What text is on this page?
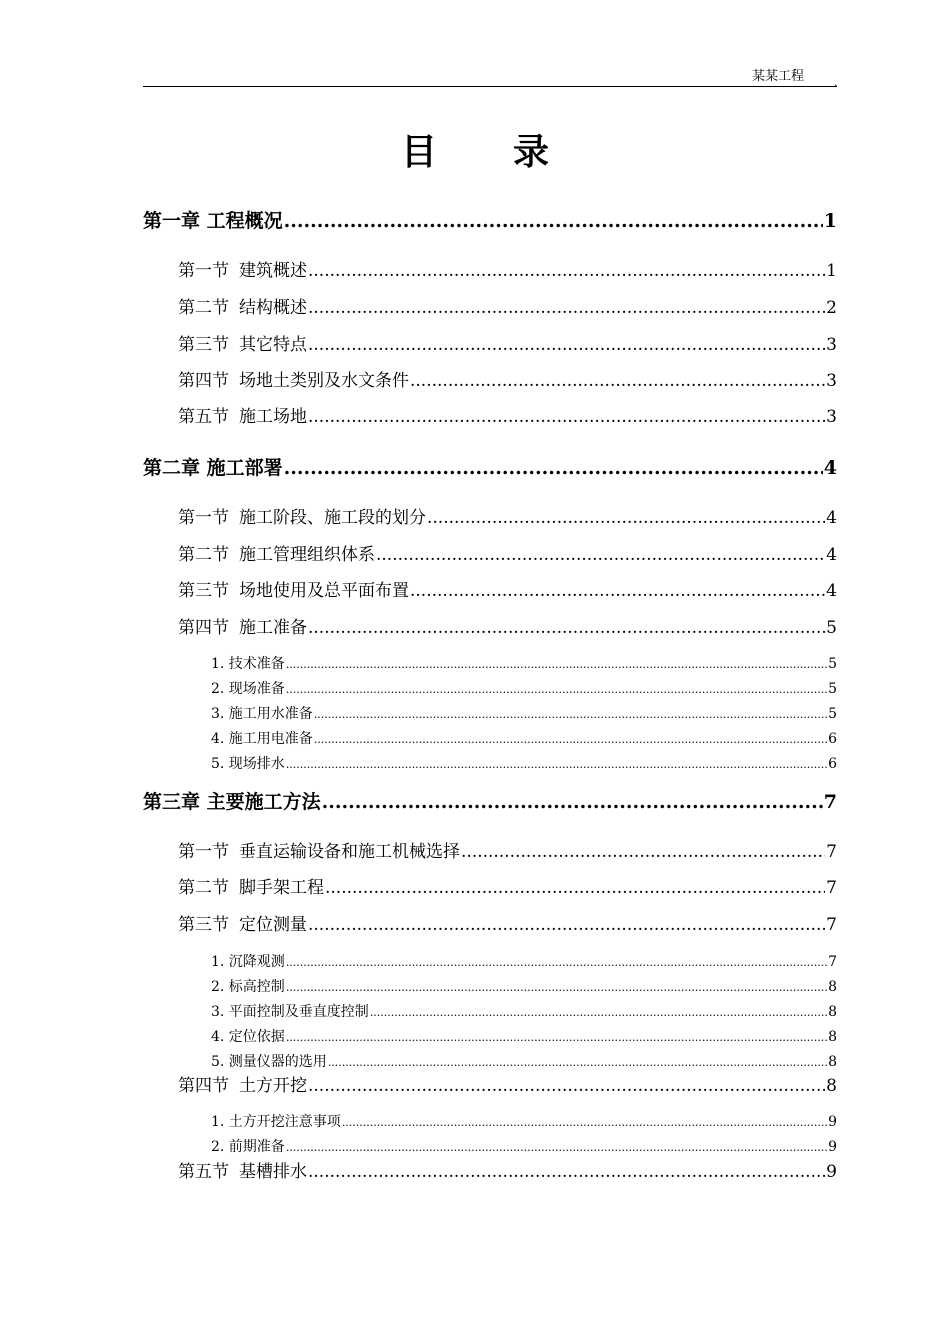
某某工程	.
目录
第一章 工程概况 .....	1
第一节 建筑概述 .....	1
第二节 结构概述 .....	2
第三节 其它特点 .....	3
第四节 场地土类别及水文条件 .....	3
第五节 施工场地 .....	3
第二章 施工部署 .....	4
第一节 施工阶段、施工段的划分 .....	4
第二节 施工管理组织体系 .....	4
第三节 场地使用及总平面布置 .....	4
第四节 施工准备 .....	5
1. 技术准备 .....	5
2. 现场准备 .....	5
3. 施工用水准备 .....	5
4. 施工用电准备 .....	6
5. 现场排水 .....	6
第三章 主要施工方法 .....	7
第一节 垂直运输设备和施工机械选择 .....	7
第二节 脚手架工程 .....	7
第三节 定位测量 .....	7
1. 沉降观测 .....	7
2. 标高控制 .....	8
3. 平面控制及垂直度控制 .....	8
4. 定位依据 .....	8
5. 测量仪器的选用 .....	8
第四节 土方开挖 .....	8
1. 土方开挖注意事项 .....	9
2. 前期准备 .....	9
第五节 基槽排水 .....	9
